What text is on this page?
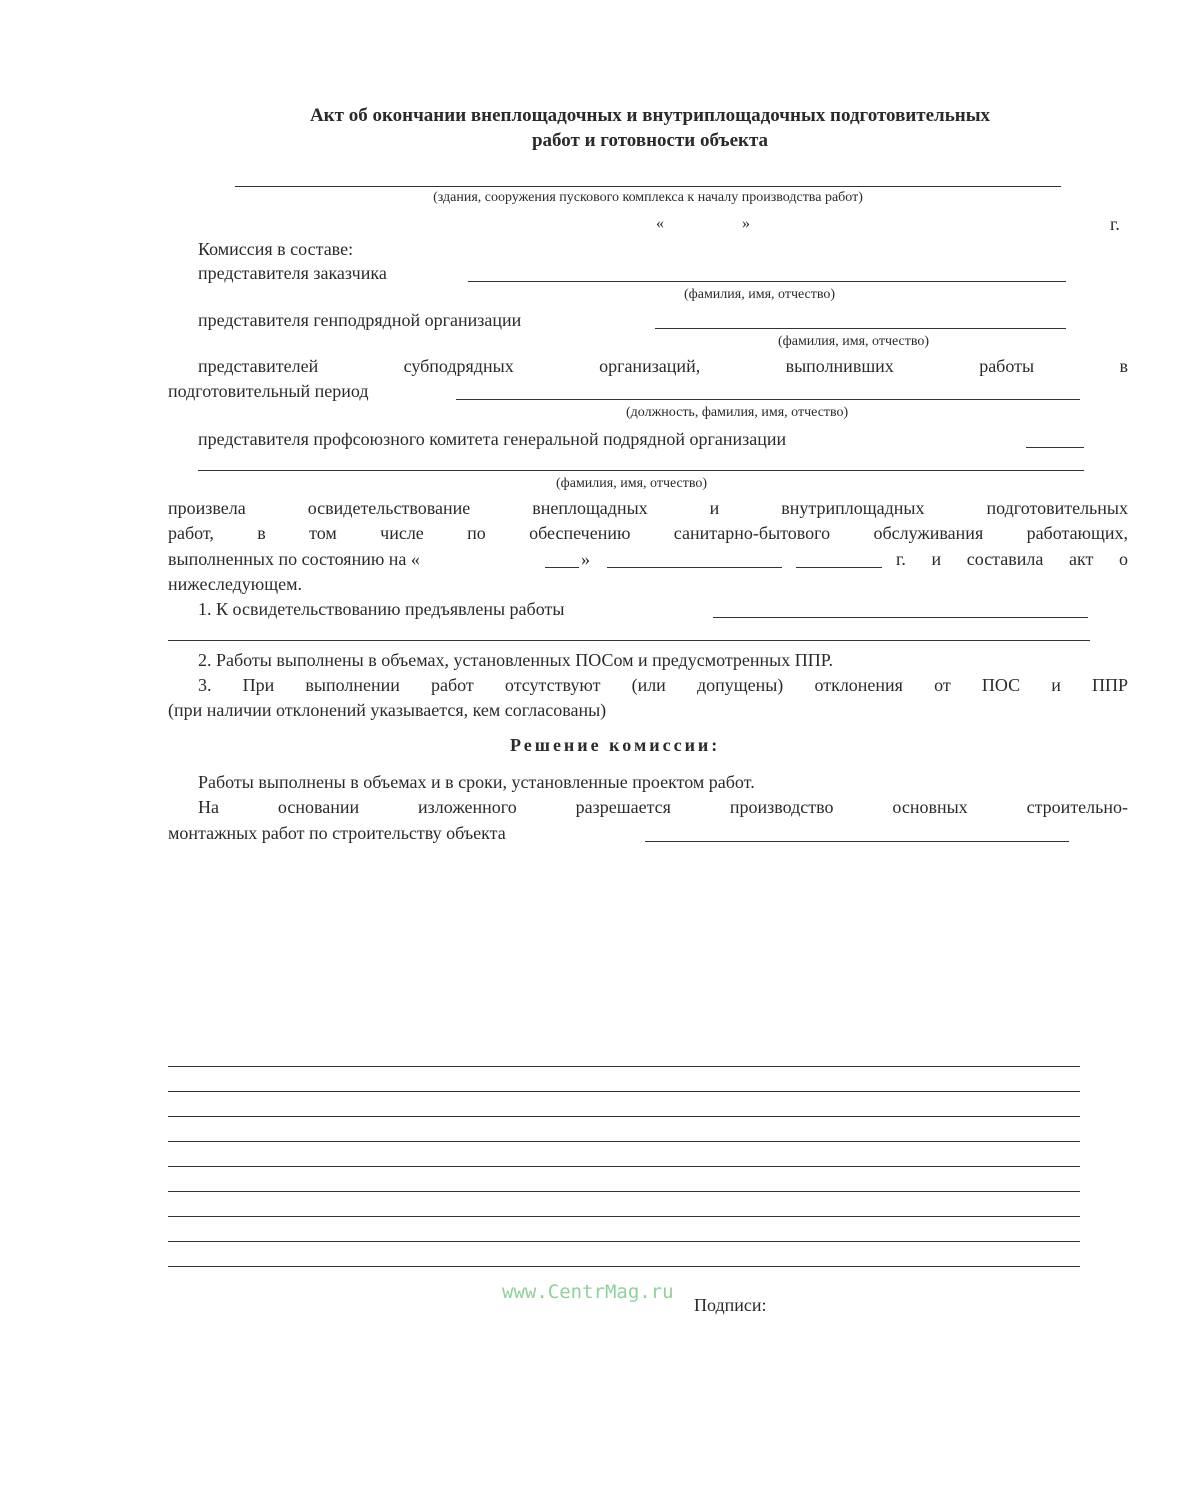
Акт об окончании внеплощадочных и внутриплощадочных подготовительных
работ и готовности объекта
(здания, сооружения пускового комплекса к началу производства работ)
«	»	г.
Комиссия в составе:
представителя заказчика
(фамилия, имя, отчество)
представителя генподрядной организации
(фамилия, имя, отчество)
представителей	субподрядных	организаций,	выполнивших	работы	в
подготовительный период
(должность, фамилия, имя, отчество)
представителя профсоюзного комитета генеральной подрядной организации
(фамилия, имя, отчество)
произвела освидетельствование внеплощадных и внутриплощадных подготовительных
работ, в том числе по обеспечению санитарно-бытового обслуживания работающих,
выполненных по состоянию на «	»	г. и составила акт о
нижеследующем.
1. К освидетельствованию предъявлены работы
2. Работы выполнены в объемах, установленных ПОСом и предусмотренных ППР.
3. При выполнении работ отсутствуют (или допущены) отклонения от ПОС и ППР
(при наличии отклонений указывается, кем согласованы)
Решение комиссии:
Работы выполнены в объемах и в сроки, установленные проектом работ.
На основании изложенного разрешается производство основных строительно-
монтажных работ по строительству объекта
www.CentrMag.ru
Подписи:
